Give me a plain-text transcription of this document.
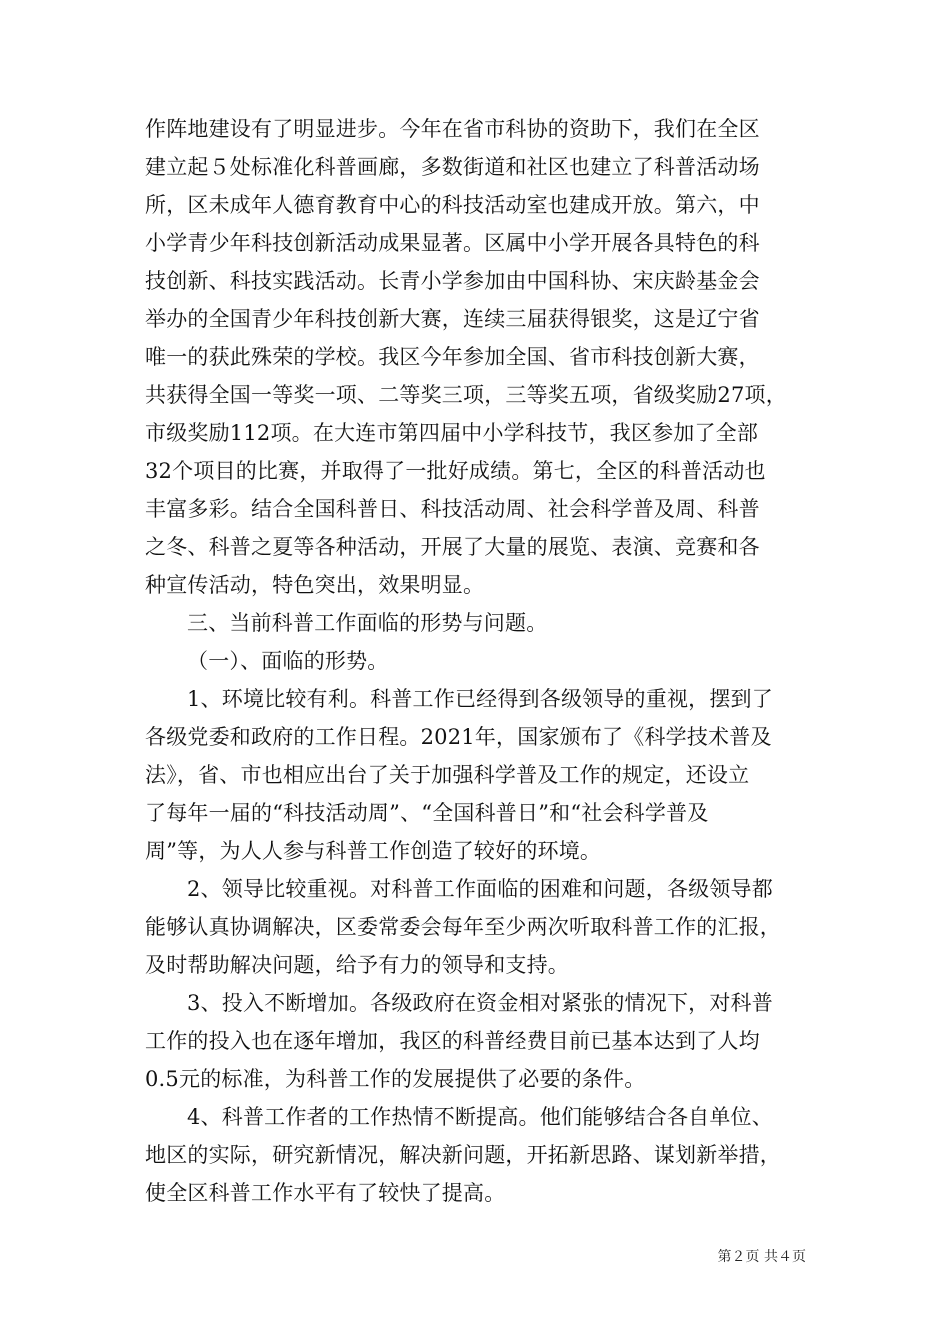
作阵地建设有了明显进步。今年在省市科协的资助下，我们在全区
建立起５处标准化科普画廊，多数街道和社区也建立了科普活动场
所，区未成年人德育教育中心的科技活动室也建成开放。第六，中
小学青少年科技创新活动成果显著。区属中小学开展各具特色的科
技创新、科技实践活动。长青小学参加由中国科协、宋庆龄基金会
举办的全国青少年科技创新大赛，连续三届获得银奖，这是辽宁省
唯一的获此殊荣的学校。我区今年参加全国、省市科技创新大赛，
共获得全国一等奖一项、二等奖三项，三等奖五项，省级奖励27项，
市级奖励112项。在大连市第四届中小学科技节，我区参加了全部
32个项目的比赛，并取得了一批好成绩。第七，全区的科普活动也
丰富多彩。结合全国科普日、科技活动周、社会科学普及周、科普
之冬、科普之夏等各种活动，开展了大量的展览、表演、竞赛和各
种宣传活动，特色突出，效果明显。
三、当前科普工作面临的形势与问题。
（一）、面临的形势。
1、环境比较有利。科普工作已经得到各级领导的重视，摆到了
各级党委和政府的工作日程。2021年，国家颁布了《科学技术普及
法》，省、市也相应出台了关于加强科学普及工作的规定，还设立
了每年一届的“科技活动周”、“全国科普日”和“社会科学普及
周”等，为人人参与科普工作创造了较好的环境。
2、领导比较重视。对科普工作面临的困难和问题，各级领导都
能够认真协调解决，区委常委会每年至少两次听取科普工作的汇报，
及时帮助解决问题，给予有力的领导和支持。
3、投入不断增加。各级政府在资金相对紧张的情况下，对科普
工作的投入也在逐年增加，我区的科普经费目前已基本达到了人均
0.5元的标准，为科普工作的发展提供了必要的条件。
4、科普工作者的工作热情不断提高。他们能够结合各自单位、
地区的实际，研究新情况，解决新问题，开拓新思路、谋划新举措，
使全区科普工作水平有了较快了提高。
第２页 共４页
